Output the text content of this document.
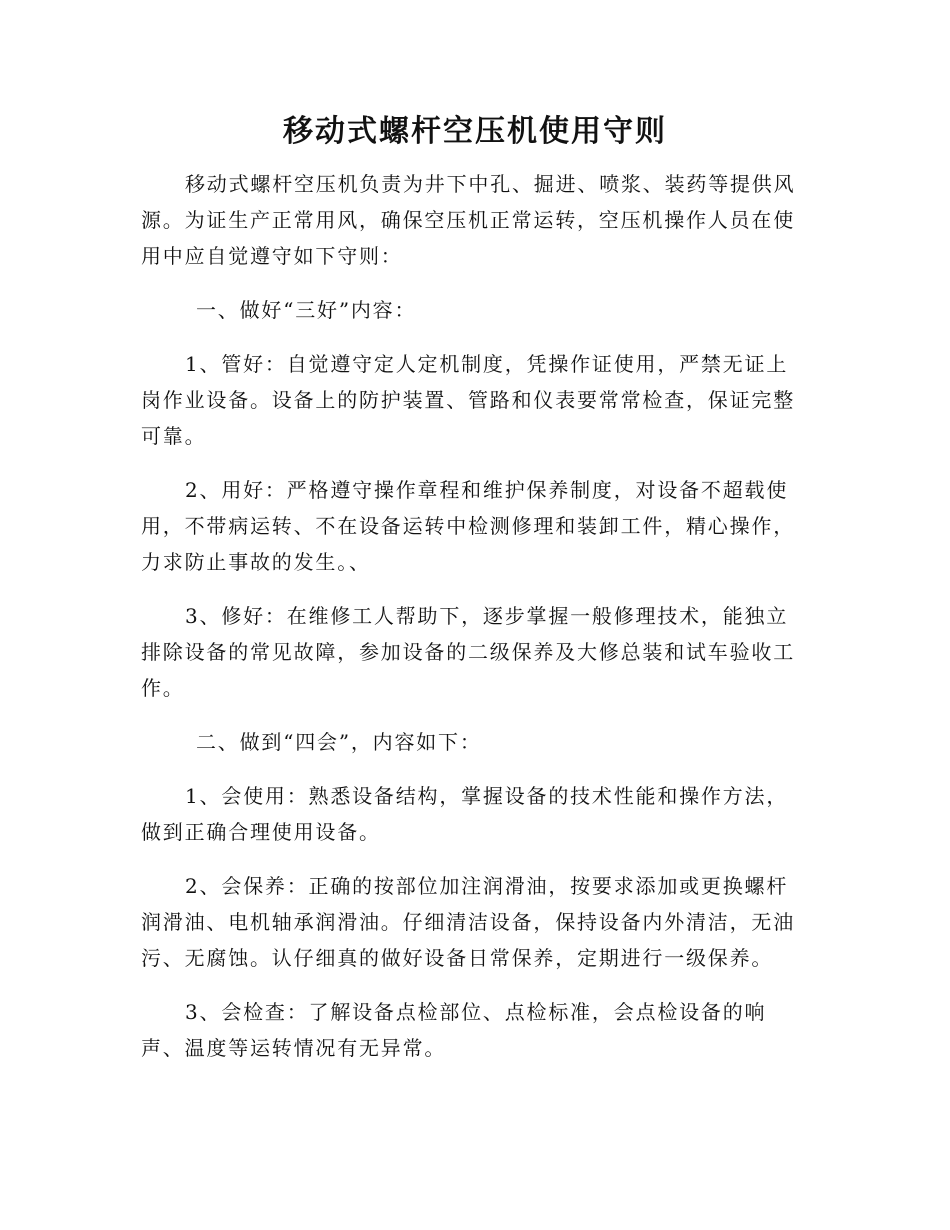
移动式螺杆空压机使用守则

移动式螺杆空压机负责为井下中孔、掘进、喷浆、装药等提供风源。为证生产正常用风，确保空压机正常运转，空压机操作人员在使用中应自觉遵守如下守则：

一、做好“三好”内容：

1、管好：自觉遵守定人定机制度，凭操作证使用，严禁无证上岗作业设备。设备上的防护装置、管路和仪表要常常检查，保证完整可靠。

2、用好：严格遵守操作章程和维护保养制度，对设备不超载使用，不带病运转、不在设备运转中检测修理和装卸工件，精心操作，力求防止事故的发生。、

3、修好：在维修工人帮助下，逐步掌握一般修理技术，能独立排除设备的常见故障，参加设备的二级保养及大修总装和试车验收工作。

二、做到“四会”，内容如下：

1、会使用：熟悉设备结构，掌握设备的技术性能和操作方法，做到正确合理使用设备。

2、会保养：正确的按部位加注润滑油，按要求添加或更换螺杆润滑油、电机轴承润滑油。仔细清洁设备，保持设备内外清洁，无油污、无腐蚀。认仔细真的做好设备日常保养，定期进行一级保养。

3、会检查：了解设备点检部位、点检标准，会点检设备的响声、温度等运转情况有无异常。
